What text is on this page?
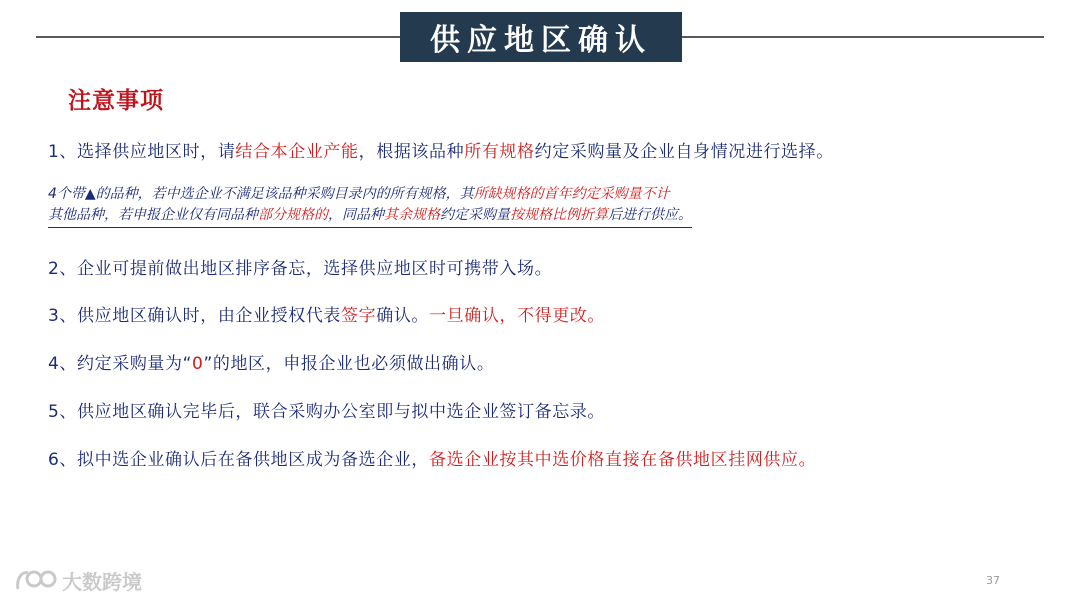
供应地区确认
注意事项
1、选择供应地区时，请结合本企业产能，根据该品种所有规格约定采购量及企业自身情况进行选择。
4个带▲的品种，若中选企业不满足该品种采购目录内的所有规格，其所缺规格的首年约定采购量不计
其他品种，若申报企业仅有同品种部分规格的，同品种其余规格约定采购量按规格比例折算后进行供应。
2、企业可提前做出地区排序备忘，选择供应地区时可携带入场。
3、供应地区确认时，由企业授权代表签字确认。一旦确认，不得更改。
4、约定采购量为“0”的地区，申报企业也必须做出确认。
5、供应地区确认完毕后，联合采购办公室即与拟中选企业签订备忘录。
6、拟中选企业确认后在备供地区成为备选企业，备选企业按其中选价格直接在备供地区挂网供应。
37
大数跨境
